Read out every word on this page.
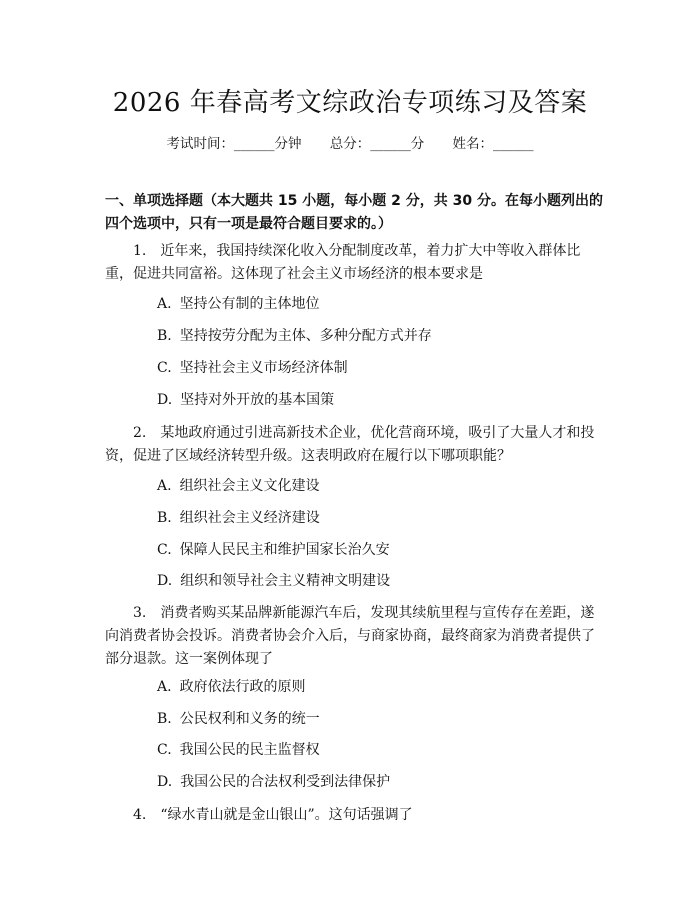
2026 年春高考文综政治专项练习及答案
考试时间：______分钟 总分：______分 姓名：______
一、单项选择题（本大题共 15 小题，每小题 2 分，共 30 分。在每小题列出的四个选项中，只有一项是最符合题目要求的。）
1. 近年来，我国持续深化收入分配制度改革，着力扩大中等收入群体比重，促进共同富裕。这体现了社会主义市场经济的根本要求是
A. 坚持公有制的主体地位
B. 坚持按劳分配为主体、多种分配方式并存
C. 坚持社会主义市场经济体制
D. 坚持对外开放的基本国策
2. 某地政府通过引进高新技术企业，优化营商环境，吸引了大量人才和投资，促进了区域经济转型升级。这表明政府在履行以下哪项职能？
A. 组织社会主义文化建设
B. 组织社会主义经济建设
C. 保障人民民主和维护国家长治久安
D. 组织和领导社会主义精神文明建设
3. 消费者购买某品牌新能源汽车后，发现其续航里程与宣传存在差距，遂向消费者协会投诉。消费者协会介入后，与商家协商，最终商家为消费者提供了部分退款。这一案例体现了
A. 政府依法行政的原则
B. 公民权利和义务的统一
C. 我国公民的民主监督权
D. 我国公民的合法权利受到法律保护
4. “绿水青山就是金山银山”。这句话强调了
